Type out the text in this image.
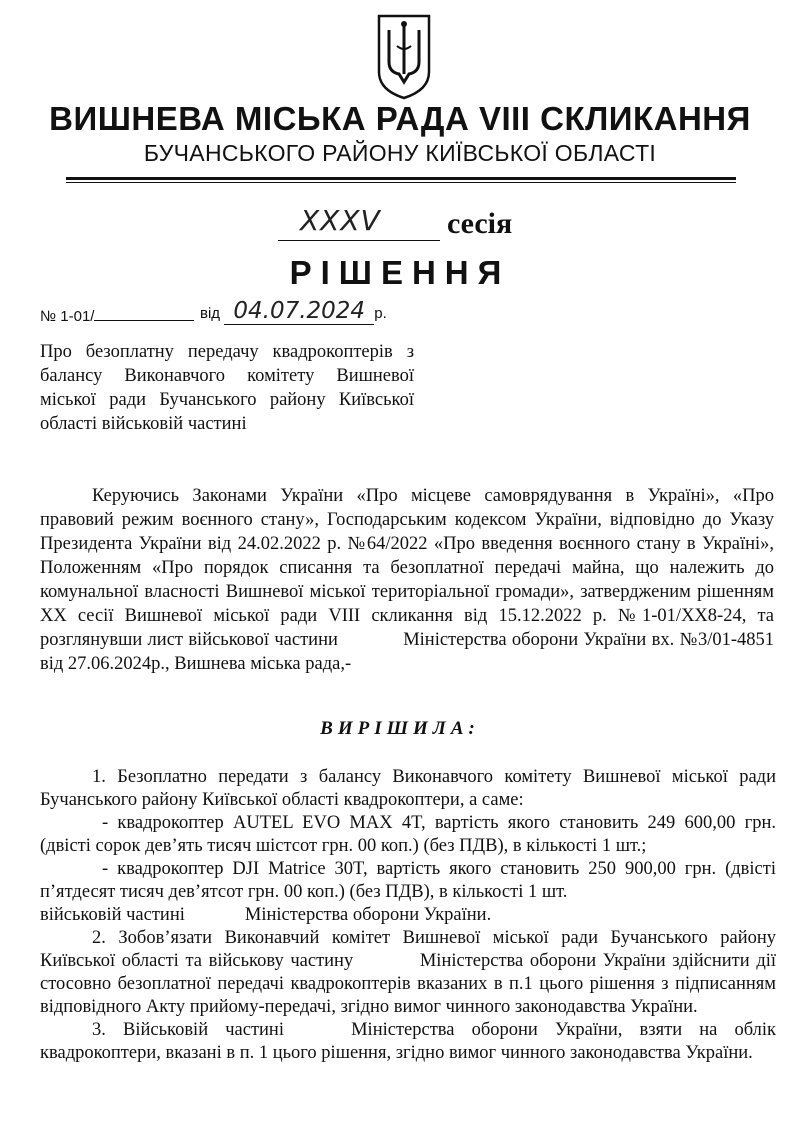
ВИШНЕВА МІСЬКА РАДА VIII СКЛИКАННЯ
БУЧАНСЬКОГО РАЙОНУ КИЇВСЬКОЇ ОБЛАСТІ
XXXV сесія
РІШЕННЯ
№ 1-01/	від 04.07.2024 р.
Про безоплатну передачу квадрокоптерів з балансу Виконавчого комітету Вишневої міської ради Бучанського району Київської області військовій частині
Керуючись Законами України «Про місцеве самоврядування в Україні», «Про правовий режим воєнного стану», Господарським кодексом України, відповідно до Указу Президента України від 24.02.2022 р. №64/2022 «Про введення воєнного стану в Україні», Положенням «Про порядок списання та безоплатної передачі майна, що належить до комунальної власності Вишневої міської територіальної громади», затвердженим рішенням XX сесії Вишневої міської ради VIII скликання від 15.12.2022 р. №1-01/XX8-24, та розглянувши лист військової частини	Міністерства оборони України вх. №3/01-4851 від 27.06.2024р., Вишнева міська рада,-
ВИРІШИЛА:

1. Безоплатно передати з балансу Виконавчого комітету Вишневої міської ради Бучанського району Київської області квадрокоптери, а саме:

- квадрокоптер AUTEL EVO MAX 4T, вартість якого становить 249 600,00 грн. (двісті сорок дев’ять тисяч шістсот грн. 00 коп.) (без ПДВ), в кількості 1 шт.;

- квадрокоптер DJI Matrice 30T, вартість якого становить 250 900,00 грн. (двісті п’ятдесят тисяч дев’ятсот грн. 00 коп.) (без ПДВ), в кількості 1 шт.

військовій частині	Міністерства оборони України.

2. Зобов’язати Виконавчий комітет Вишневої міської ради Бучанського району Київської області та військову частину	Міністерства оборони України здійснити дії стосовно безоплатної передачі квадрокоптерів вказаних в п.1 цього рішення з підписанням відповідного Акту прийому-передачі, згідно вимог чинного законодавства України.

3. Військовій частині	Міністерства оборони України, взяти на облік квадрокоптери, вказані в п. 1 цього рішення, згідно вимог чинного законодавства України.
